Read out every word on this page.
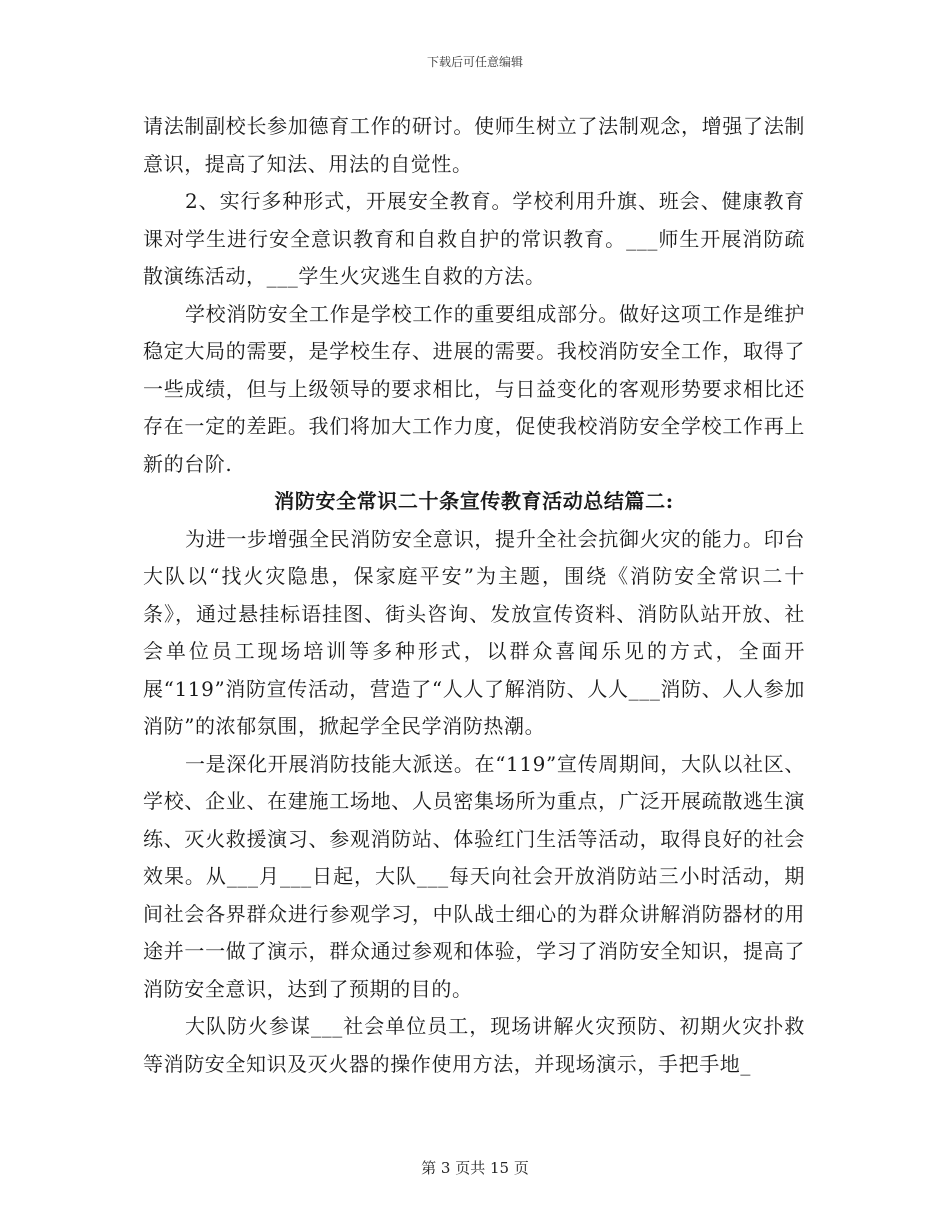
下载后可任意编辑

请法制副校长参加德育工作的研讨。使师生树立了法制观念，增强了法制意识，提高了知法、用法的自觉性。

2、实行多种形式，开展安全教育。学校利用升旗、班会、健康教育课对学生进行安全意识教育和自救自护的常识教育。___师生开展消防疏散演练活动，___学生火灾逃生自救的方法。

学校消防安全工作是学校工作的重要组成部分。做好这项工作是维护稳定大局的需要，是学校生存、进展的需要。我校消防安全工作，取得了一些成绩，但与上级领导的要求相比，与日益变化的客观形势要求相比还存在一定的差距。我们将加大工作力度，促使我校消防安全学校工作再上新的台阶.

消防安全常识二十条宣传教育活动总结篇二:

为进一步增强全民消防安全意识，提升全社会抗御火灾的能力。印台大队以“找火灾隐患，保家庭平安”为主题，围绕《消防安全常识二十条》，通过悬挂标语挂图、街头咨询、发放宣传资料、消防队站开放、社会单位员工现场培训等多种形式，以群众喜闻乐见的方式，全面开展“119”消防宣传活动，营造了“人人了解消防、人人___消防、人人参加消防”的浓郁氛围，掀起学全民学消防热潮。

一是深化开展消防技能大派送。在“119”宣传周期间，大队以社区、学校、企业、在建施工场地、人员密集场所为重点，广泛开展疏散逃生演练、灭火救援演习、参观消防站、体验红门生活等活动，取得良好的社会效果。从___月___日起，大队___每天向社会开放消防站三小时活动，期间社会各界群众进行参观学习，中队战士细心的为群众讲解消防器材的用途并一一做了演示，群众通过参观和体验，学习了消防安全知识，提高了消防安全意识，达到了预期的目的。

大队防火参谋___社会单位员工，现场讲解火灾预防、初期火灾扑救等消防安全知识及灭火器的操作使用方法，并现场演示，手把手地_

第 3 页共 15 页
